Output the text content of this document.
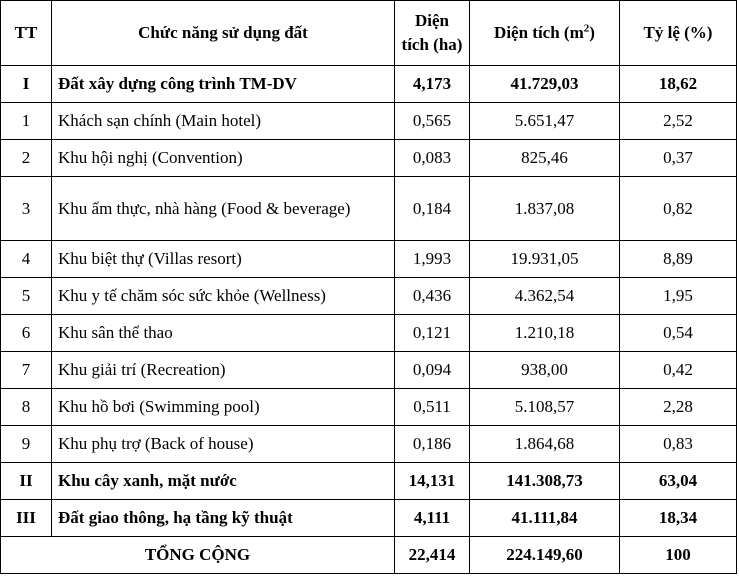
TT	Chức năng sử dụng đất	Diện
tích (ha)	Diện tích $(m^2)$	Tỷ lệ (%)
I	Đất xây dựng công trình TM-DV	4,173	41.729,03	18,62
1	Khách sạn chính (Main hotel)	0,565	5.651,47	2,52
2	Khu hội nghị (Convention)	0,083	825,46	0,37
3	Khu ẩm thực, nhà hàng (Food & beverage)	0,184	1.837,08	0,82
4	Khu biệt thự (Villas resort)	1,993	19.931,05	8,89
5	Khu y tế chăm sóc sức khỏe (Wellness)	0,436	4.362,54	1,95
6	Khu sân thể thao	0,121	1.210,18	0,54
7	Khu giải trí (Recreation)	0,094	938,00	0,42
8	Khu hồ bơi (Swimming pool)	0,511	5.108,57	2,28
9	Khu phụ trợ (Back of house)	0,186	1.864,68	0,83
II	Khu cây xanh, mặt nước	14,131	141.308,73	63,04
III	Đất giao thông, hạ tầng kỹ thuật	4,111	41.111,84	18,34
TỔNG CỘNG		22,414	224.149,60	100
